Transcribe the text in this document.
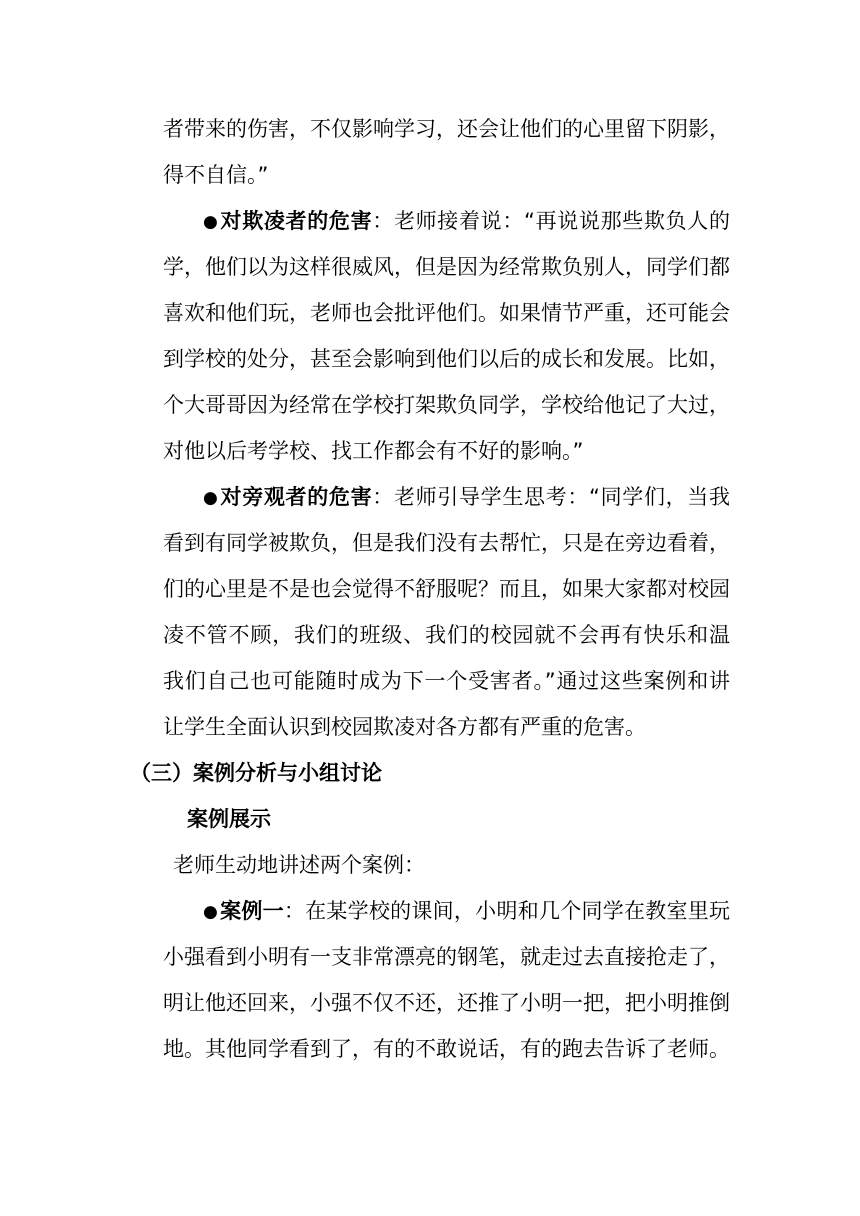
者带来的伤害，不仅影响学习，还会让他们的心里留下阴影，
得不自信。”
●对欺凌者的危害：老师接着说：“再说说那些欺负人的
学，他们以为这样很威风，但是因为经常欺负别人，同学们都
喜欢和他们玩，老师也会批评他们。如果情节严重，还可能会
到学校的处分，甚至会影响到他们以后的成长和发展。比如，
个大哥哥因为经常在学校打架欺负同学，学校给他记了大过，
对他以后考学校、找工作都会有不好的影响。”
●对旁观者的危害：老师引导学生思考：“同学们，当我
看到有同学被欺负，但是我们没有去帮忙，只是在旁边看着，
们的心里是不是也会觉得不舒服呢？而且，如果大家都对校园
凌不管不顾，我们的班级、我们的校园就不会再有快乐和温
我们自己也可能随时成为下一个受害者。”通过这些案例和讲
让学生全面认识到校园欺凌对各方都有严重的危害。
（三）案例分析与小组讨论
案例展示
老师生动地讲述两个案例：
●案例一：在某学校的课间，小明和几个同学在教室里玩
小强看到小明有一支非常漂亮的钢笔，就走过去直接抢走了，
明让他还回来，小强不仅不还，还推了小明一把，把小明推倒
地。其他同学看到了，有的不敢说话，有的跑去告诉了老师。
